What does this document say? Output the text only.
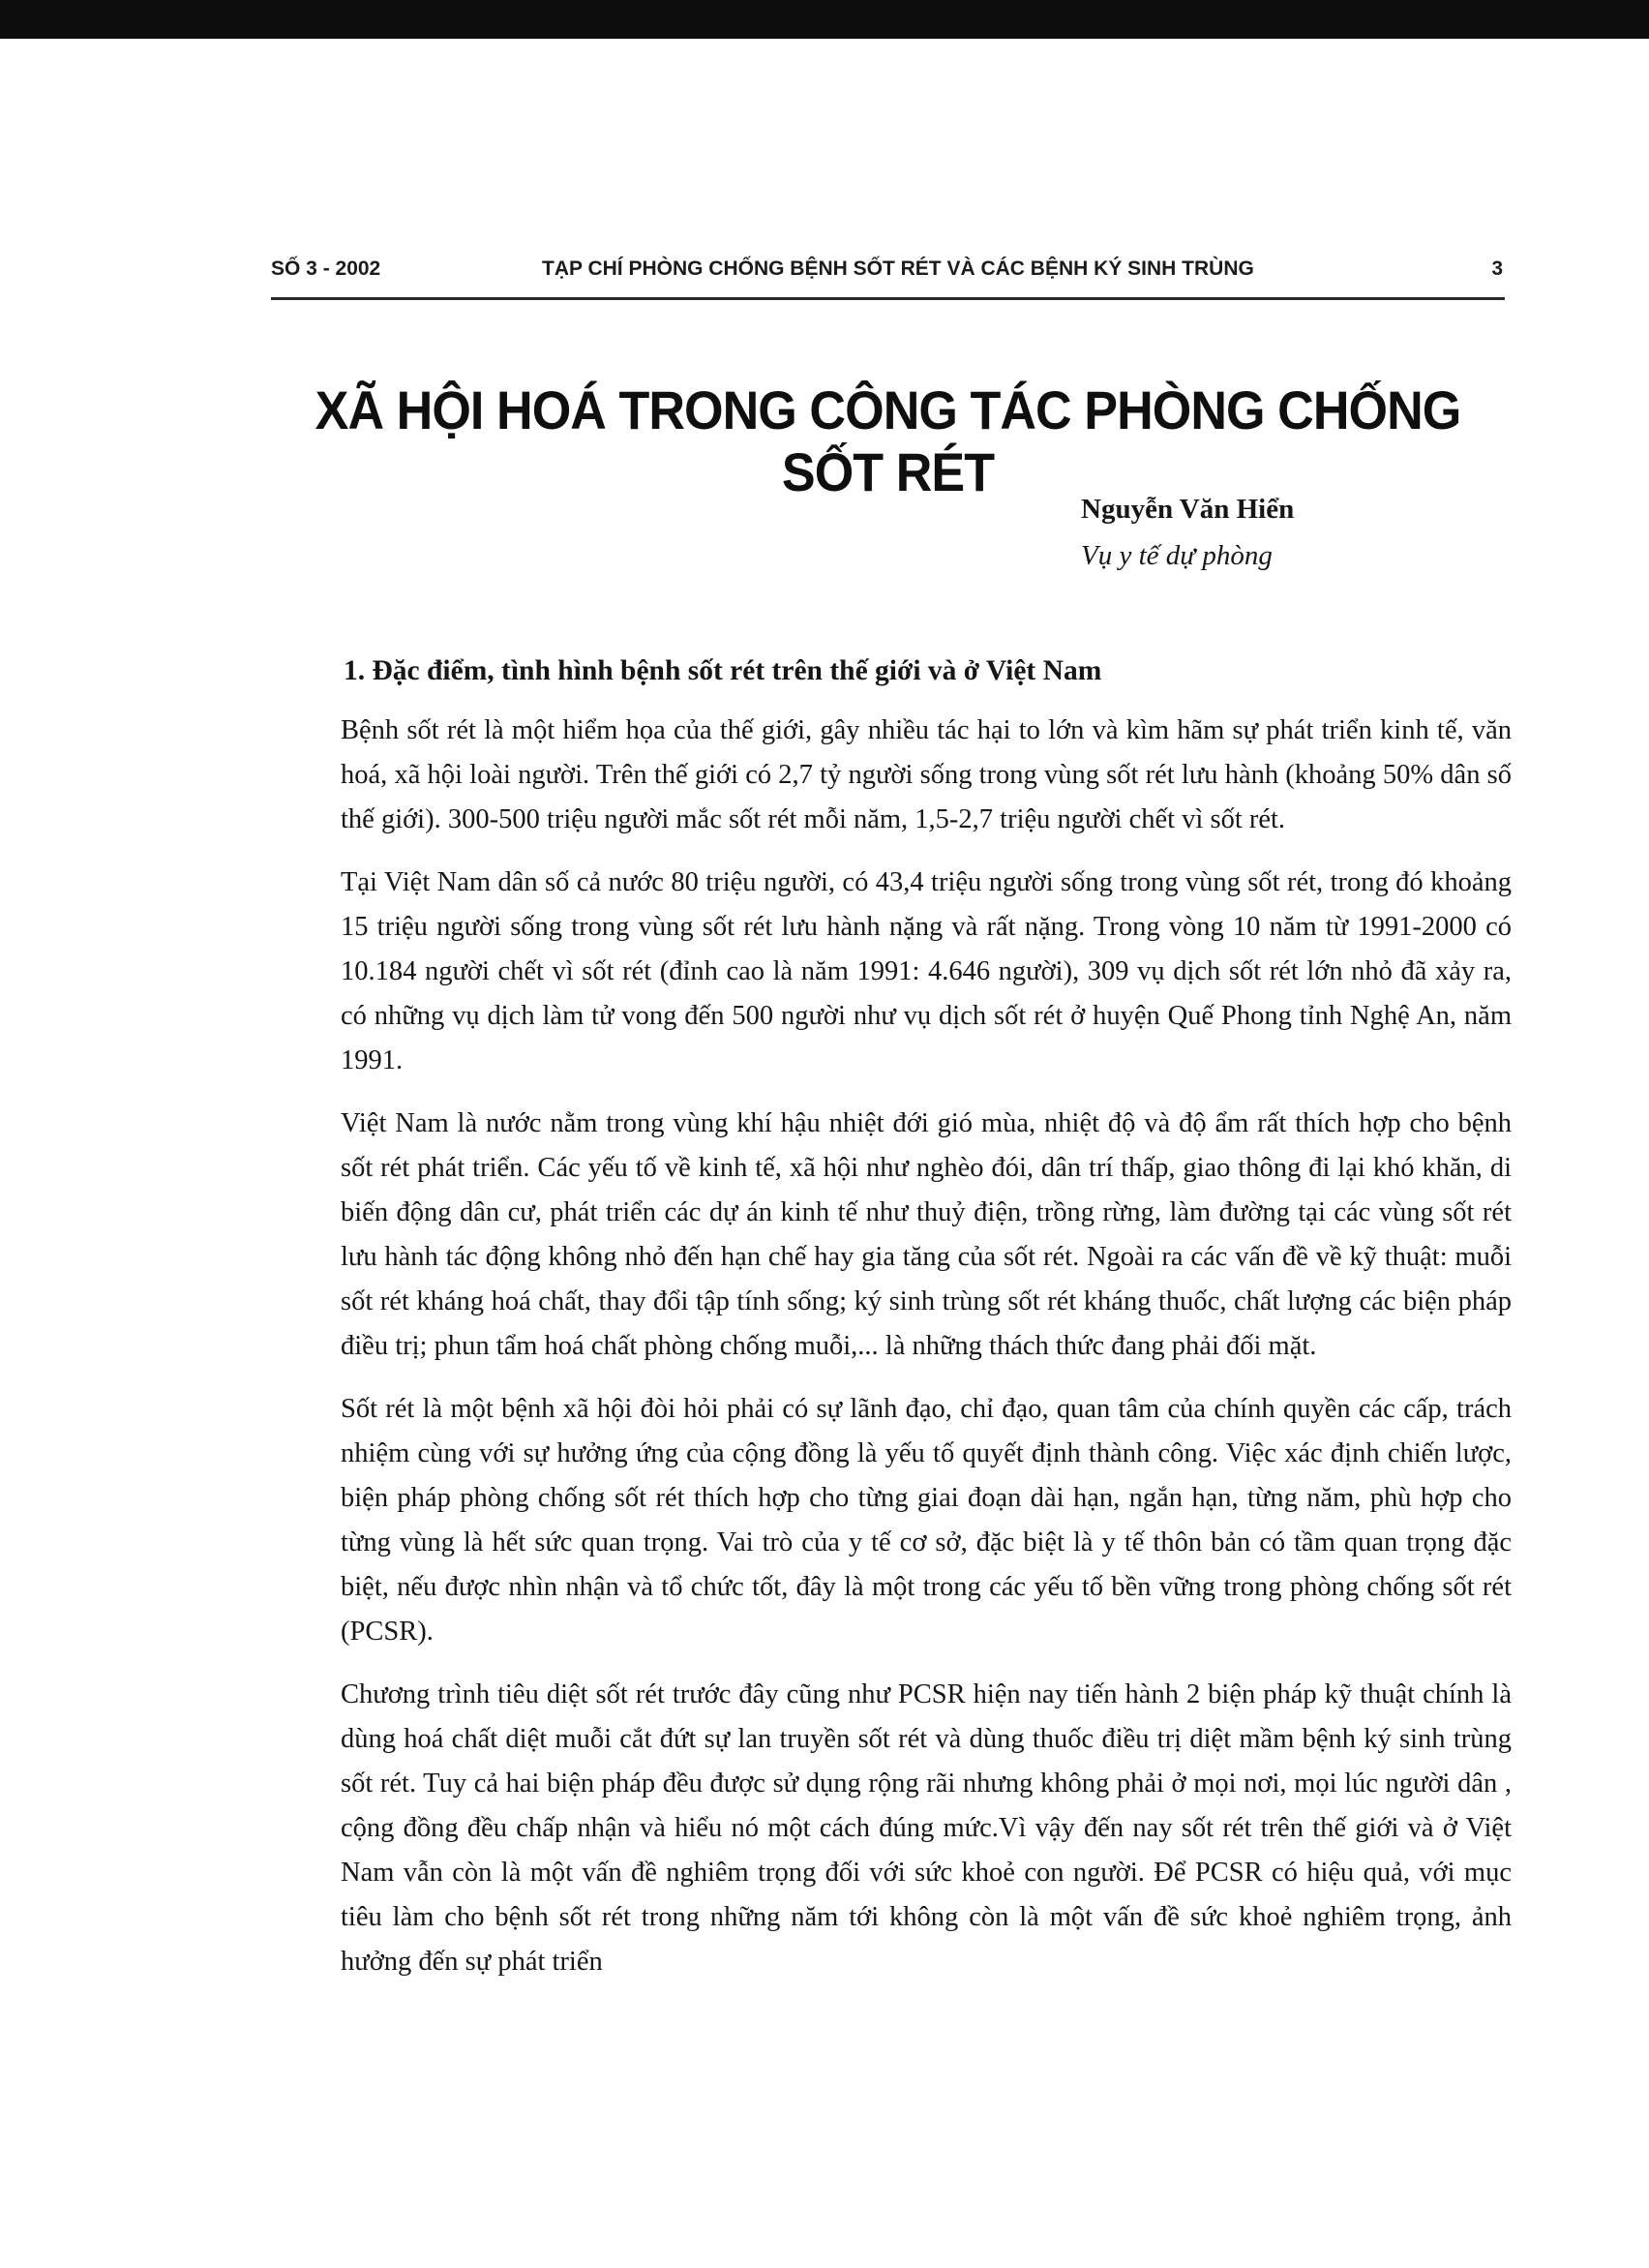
SỐ 3 - 2002	TẠP CHÍ PHÒNG CHỐNG BỆNH SỐT RÉT VÀ CÁC BỆNH KÝ SINH TRÙNG	3
XÃ HỘI HOÁ TRONG CÔNG TÁC PHÒNG CHỐNG SỐT RÉT
Nguyễn Văn Hiển
Vụ y tế dự phòng
1. Đặc điểm, tình hình bệnh sốt rét trên thế giới và ở Việt Nam

Bệnh sốt rét là một hiểm họa của thế giới, gây nhiều tác hại to lớn và kìm hãm sự phát triển kinh tế, văn hoá, xã hội loài người. Trên thế giới có 2,7 tỷ người sống trong vùng sốt rét lưu hành (khoảng 50% dân số thế giới). 300-500 triệu người mắc sốt rét mỗi năm, 1,5-2,7 triệu người chết vì sốt rét.

Tại Việt Nam dân số cả nước 80 triệu người, có 43,4 triệu người sống trong vùng sốt rét, trong đó khoảng 15 triệu người sống trong vùng sốt rét lưu hành nặng và rất nặng. Trong vòng 10 năm từ 1991-2000 có 10.184 người chết vì sốt rét (đỉnh cao là năm 1991: 4.646 người), 309 vụ dịch sốt rét lớn nhỏ đã xảy ra, có những vụ dịch làm tử vong đến 500 người như vụ dịch sốt rét ở huyện Quế Phong tỉnh Nghệ An, năm 1991.

Việt Nam là nước nằm trong vùng khí hậu nhiệt đới gió mùa, nhiệt độ và độ ẩm rất thích hợp cho bệnh sốt rét phát triển. Các yếu tố về kinh tế, xã hội như nghèo đói, dân trí thấp, giao thông đi lại khó khăn, di biến động dân cư, phát triển các dự án kinh tế như thuỷ điện, trồng rừng, làm đường tại các vùng sốt rét lưu hành tác động không nhỏ đến hạn chế hay gia tăng của sốt rét. Ngoài ra các vấn đề về kỹ thuật: muỗi sốt rét kháng hoá chất, thay đổi tập tính sống; ký sinh trùng sốt rét kháng thuốc, chất lượng các biện pháp điều trị; phun tẩm hoá chất phòng chống muỗi,... là những thách thức đang phải đối mặt.

Sốt rét là một bệnh xã hội đòi hỏi phải có sự lãnh đạo, chỉ đạo, quan tâm của chính quyền các cấp, trách nhiệm cùng với sự hưởng ứng của cộng đồng là yếu tố quyết định thành công. Việc xác định chiến lược, biện pháp phòng chống sốt rét thích hợp cho từng giai đoạn dài hạn, ngắn hạn, từng năm, phù hợp cho từng vùng là hết sức quan trọng. Vai trò của y tế cơ sở, đặc biệt là y tế thôn bản có tầm quan trọng đặc biệt, nếu được nhìn nhận và tổ chức tốt, đây là một trong các yếu tố bền vững trong phòng chống sốt rét (PCSR).

Chương trình tiêu diệt sốt rét trước đây cũng như PCSR hiện nay tiến hành 2 biện pháp kỹ thuật chính là dùng hoá chất diệt muỗi cắt đứt sự lan truyền sốt rét và dùng thuốc điều trị diệt mầm bệnh ký sinh trùng sốt rét. Tuy cả hai biện pháp đều được sử dụng rộng rãi nhưng không phải ở mọi nơi, mọi lúc người dân , cộng đồng đều chấp nhận và hiểu nó một cách đúng mức.Vì vậy đến nay sốt rét trên thế giới và ở Việt Nam vẫn còn là một vấn đề nghiêm trọng đối với sức khoẻ con người. Để PCSR có hiệu quả, với mục tiêu làm cho bệnh sốt rét trong những năm tới không còn là một vấn đề sức khoẻ nghiêm trọng, ảnh hưởng đến sự phát triển
